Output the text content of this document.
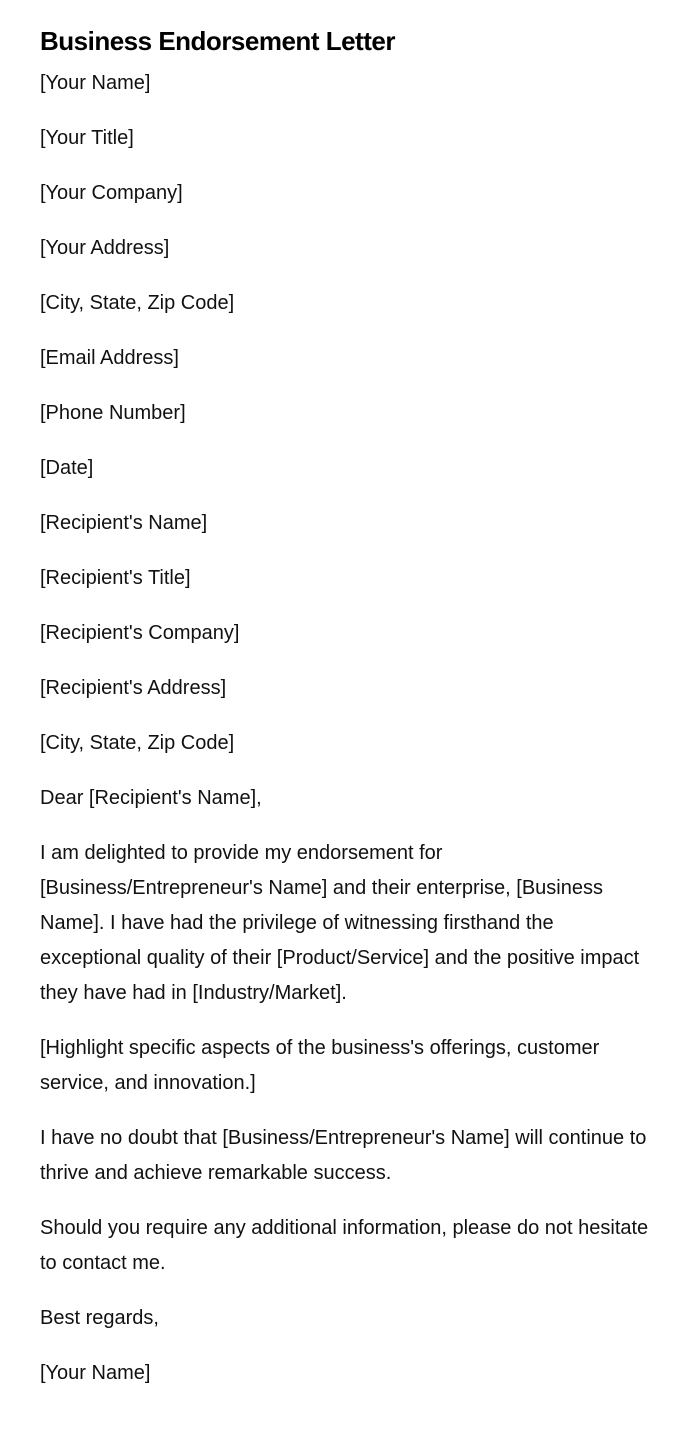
Business Endorsement Letter

[Your Name]

[Your Title]

[Your Company]

[Your Address]

[City, State, Zip Code]

[Email Address]

[Phone Number]

[Date]

[Recipient's Name]

[Recipient's Title]

[Recipient's Company]

[Recipient's Address]

[City, State, Zip Code]

Dear [Recipient's Name],

I am delighted to provide my endorsement for [Business/Entrepreneur's Name] and their enterprise, [Business Name]. I have had the privilege of witnessing firsthand the exceptional quality of their [Product/Service] and the positive impact they have had in [Industry/Market].

[Highlight specific aspects of the business's offerings, customer service, and innovation.]

I have no doubt that [Business/Entrepreneur's Name] will continue to thrive and achieve remarkable success.

Should you require any additional information, please do not hesitate to contact me.

Best regards,

[Your Name]
